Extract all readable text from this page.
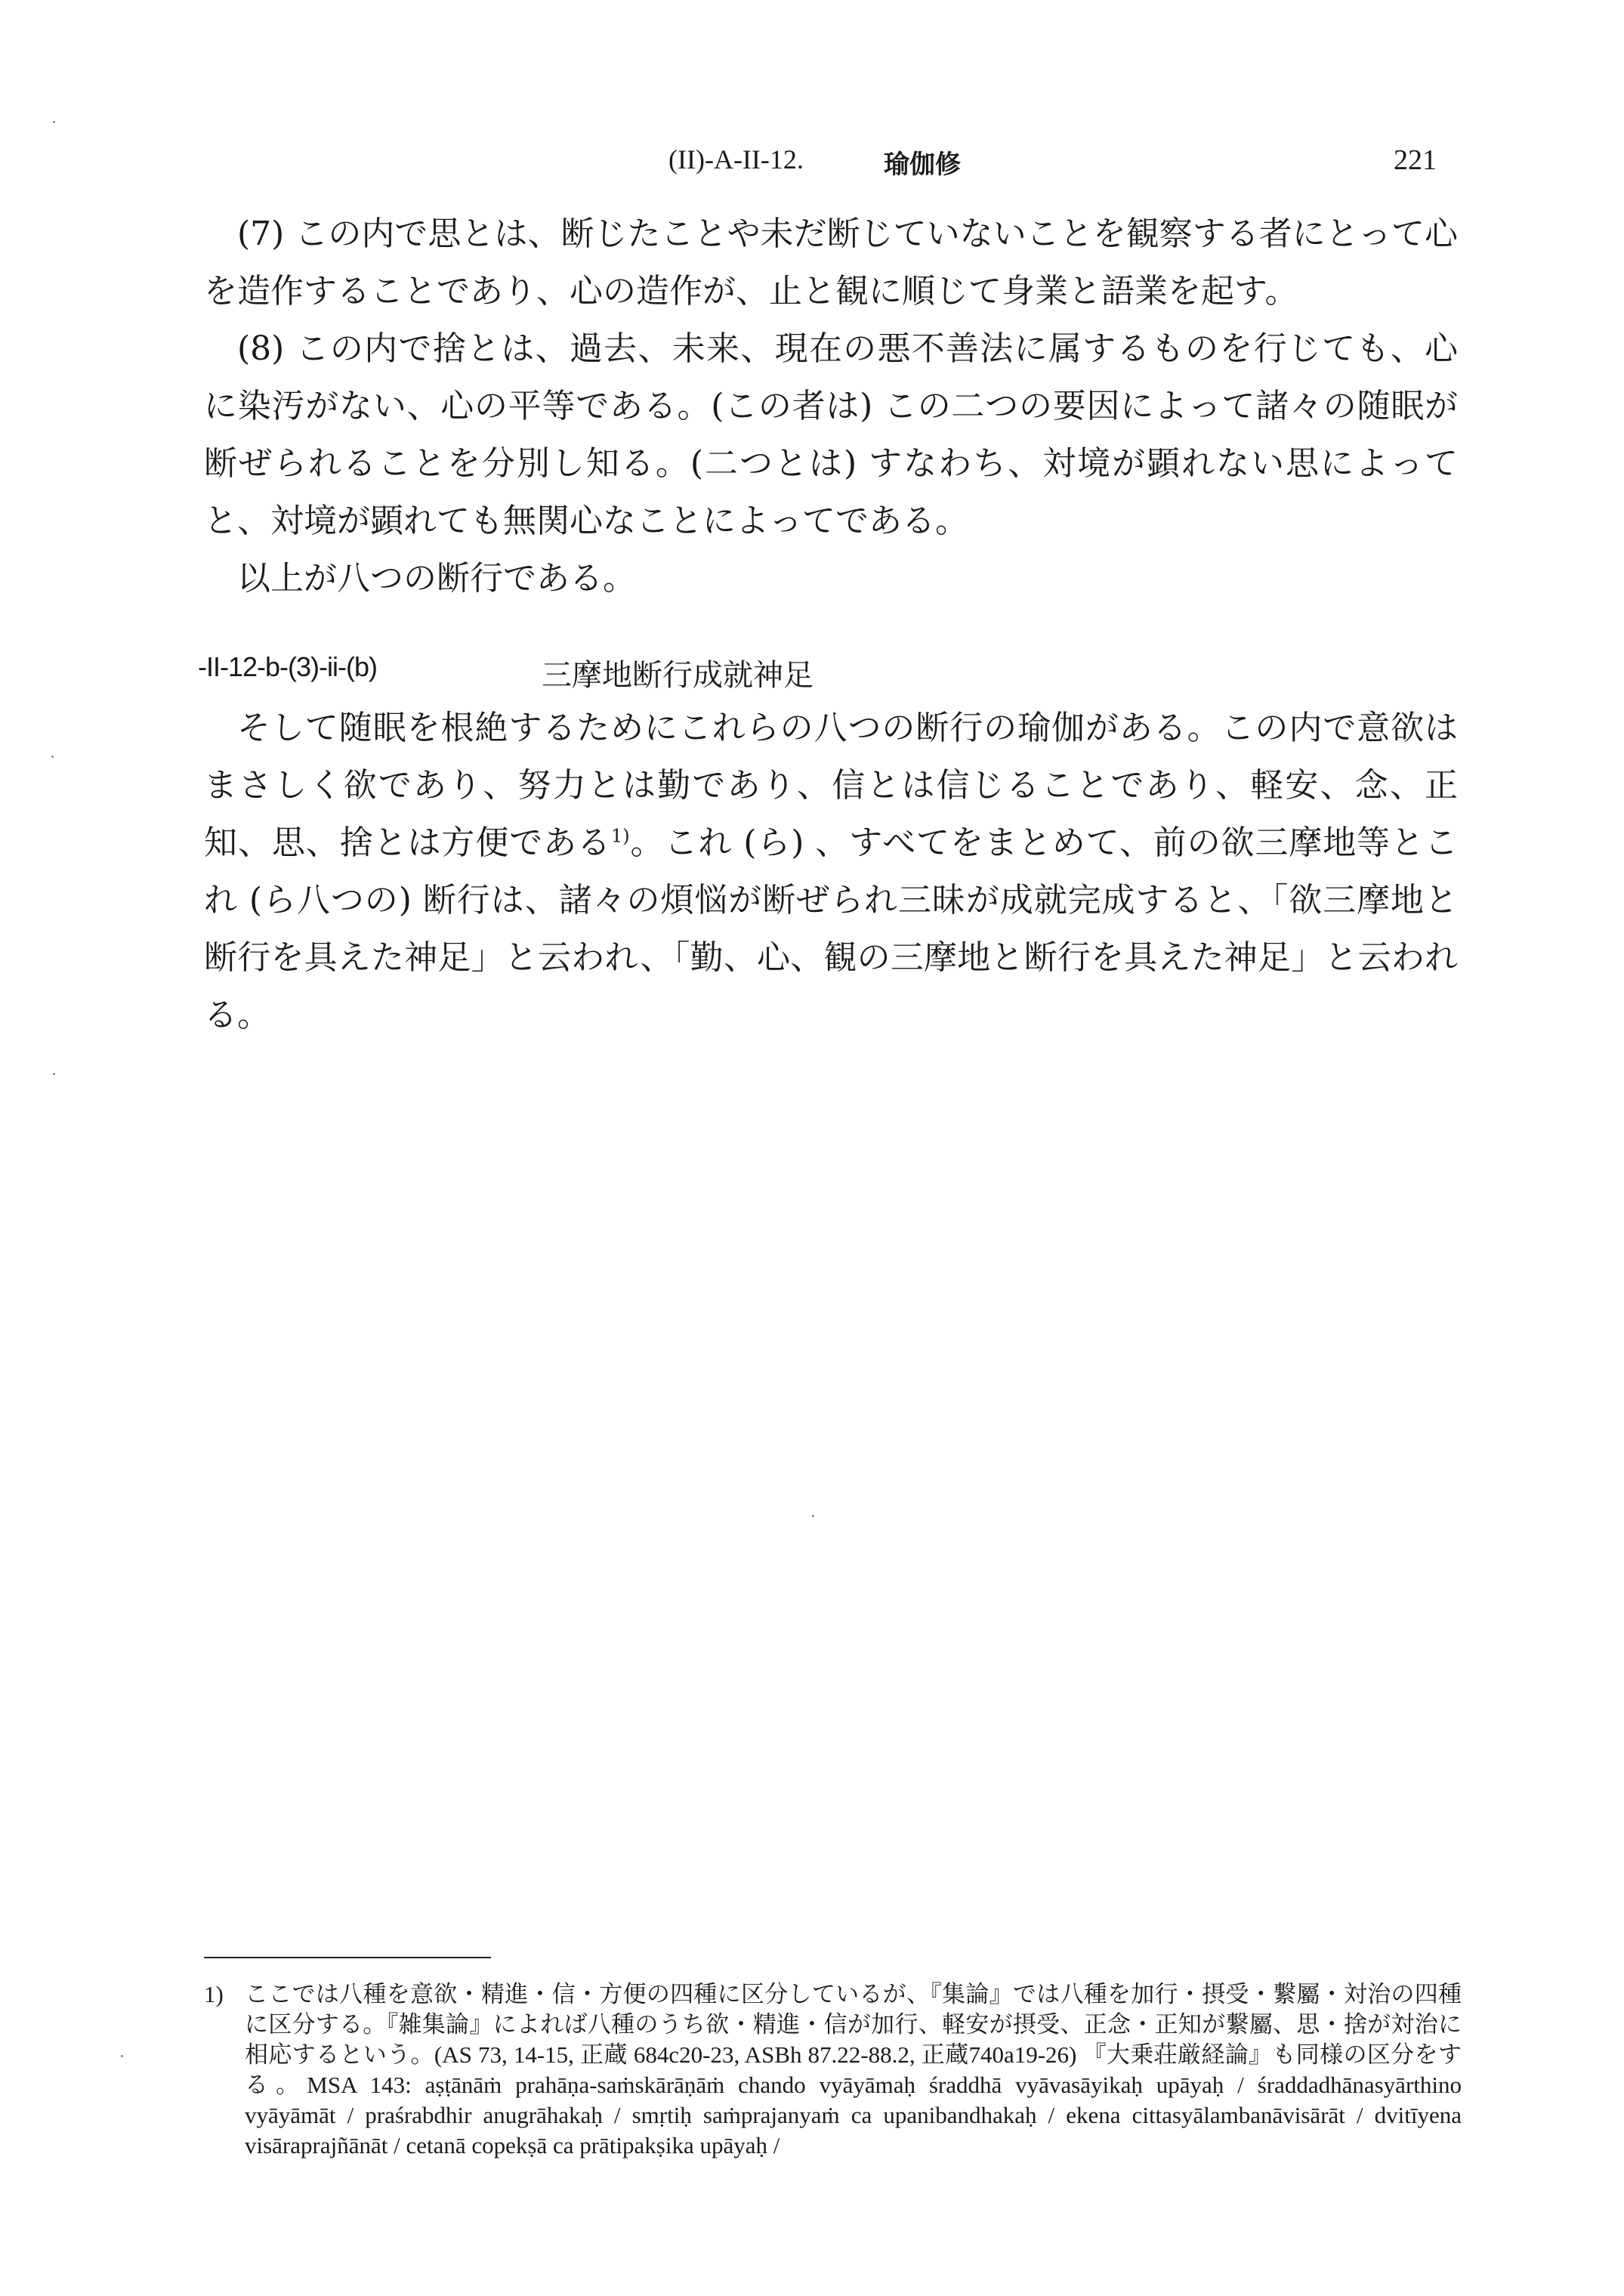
(II)-A-II-12.	瑜伽修	221

(7) この内で思とは、断じたことや未だ断じていないことを観察する者にとって心を造作することであり、心の造作が、止と観に順じて身業と語業を起す。

(8) この内で捨とは、過去、未来、現在の悪不善法に属するものを行じても、心に染汚がない、心の平等である。(この者は) この二つの要因によって諸々の随眠が断ぜられることを分別し知る。(二つとは) すなわち、対境が顕れない思によってと、対境が顕れても無関心なことによってである。

以上が八つの断行である。

-II-12-b-(3)-ii-(b)	三摩地断行成就神足

そして随眠を根絶するためにこれらの八つの断行の瑜伽がある。この内で意欲はまさしく欲であり、努力とは勤であり、信とは信じることであり、軽安、念、正知、思、捨とは方便である$^{1)}$。これ (ら) 、すべてをまとめて、前の欲三摩地等とこれ (ら八つの) 断行は、諸々の煩悩が断ぜられ三昧が成就完成すると、「欲三摩地と断行を具えた神足」と云われ、「勤、心、観の三摩地と断行を具えた神足」と云われる。

1) ここでは八種を意欲・精進・信・方便の四種に区分しているが、『集論』では八種を加行・摂受・繋屬・対治の四種に区分する。『雑集論』によれば八種のうち欲・精進・信が加行、軽安が摂受、正念・正知が繋屬、思・捨が対治に相応するという。(AS 73, 14-15, 正蔵 684c20-23, ASBh 87.22-88.2, 正蔵740a19-26) 『大乗荘厳経論』も同様の区分をする。MSA 143: aṣṭānāṁ prahāṇa-saṁskārāṇāṁ chando vyāyāmaḥ śraddhā vyāvasāyikaḥ upāyaḥ / śraddadhānasyārthino vyāyāmāt / praśrabdhir anugrāhakaḥ / smṛtiḥ saṁprajanyaṁ ca upanibandhakaḥ / ekena cittasyālambanāvisārāt / dvitīyena visāraprajñānāt / cetanā copekṣā ca prātipakṣika upāyaḥ /
